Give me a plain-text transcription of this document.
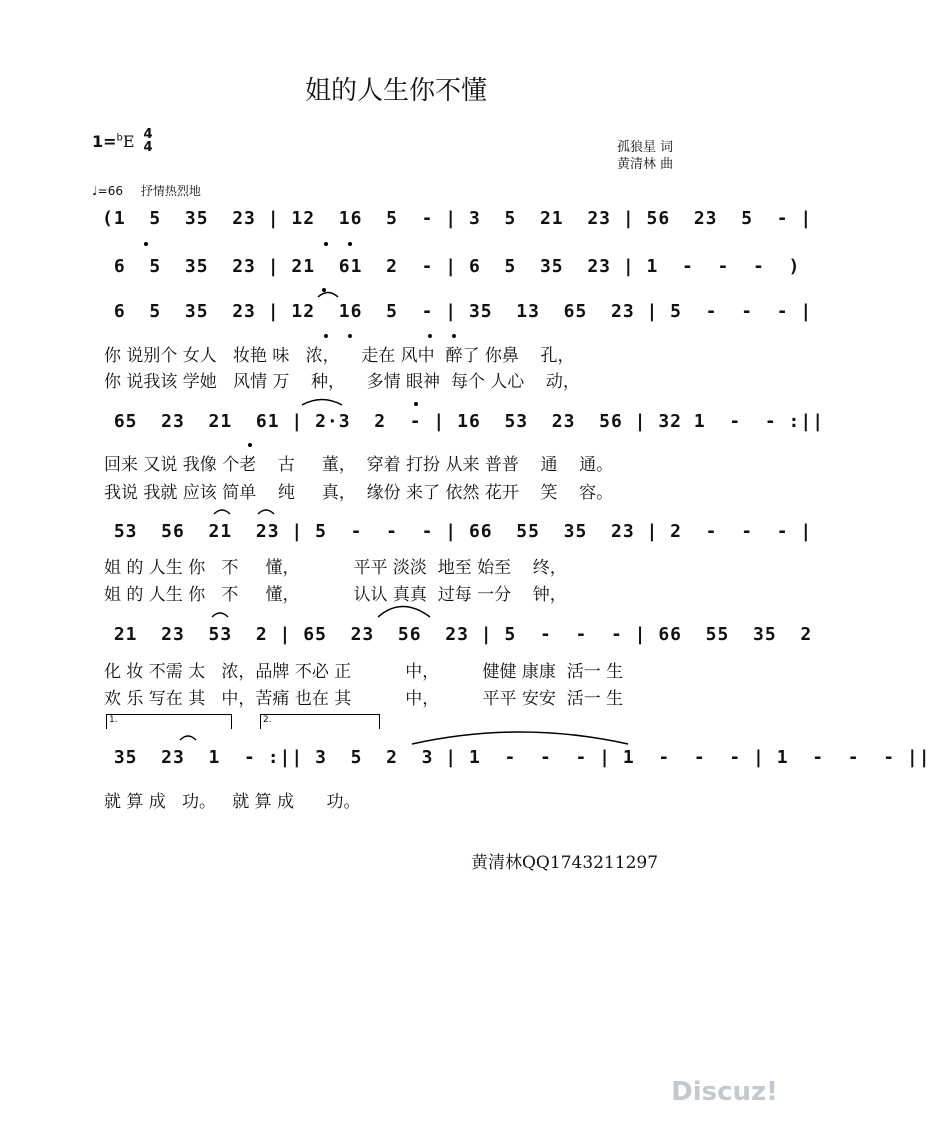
姐的人生你不懂
1=$^b$E 4
4	孤狼星 词
黄清林 曲
♩=66 抒情热烈地
(1  5  35  23 | 12  16  5  - | 3  5  21  23 | 56  23  5  - |
6  5  35  23 | 21  61  2  - | 6  5  35  23 | 1  -  -  -  )
6  5  35  23 | 12  16  5  - | 35  13  65  23 | 5  -  -  - |
65  23  21  61 | 2·3  2  - | 16  53  23  56 | 32 1  -  - :||
53  56  21  23 | 5  -  -  - | 66  55  35  23 | 2  -  -  - |
21  23  53  2 | 65  23  56  23 | 5  -  -  - | 66  55  35  2
35  23  1  - :|| 3  5  2  3 | 1  -  -  - | 1  -  -  - | 1  -  -  - ||
你 说别个 女人   妆艳 味   浓，    走在 风中  醉了 你鼻    孔，
你 说我该 学她   风情 万    种，    多情 眼神  每个 人心    动，
回来 又说 我像 个老    古     董，  穿着 打扮 从来 普普    通    通。
我说 我就 应该 简单    纯     真，  缘份 来了 依然 花开    笑    容。
姐 的 人生 你   不     懂，          平平 淡淡  地至 始至    终，
姐 的 人生 你   不     懂，          认认 真真  过每 一分    钟，
化 妆 不需 太   浓，品牌 不必 正          中，        健健 康康  活一 生
欢 乐 写在 其   中，苦痛 也在 其          中，        平平 安安  活一 生
就 算 成   功。   就 算 成      功。
1.	2.
黄清林QQ1743211297
Discuz!
